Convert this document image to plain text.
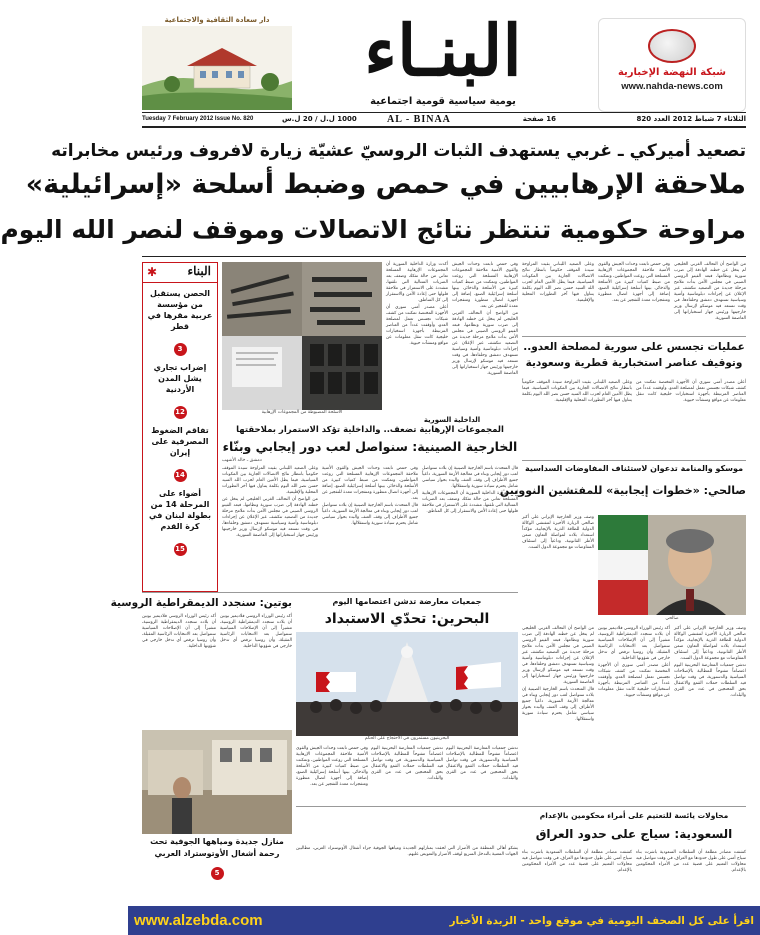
شبكة النهضة الإخبارية
www.nahda-news.com
البنـاء
يومية سياسية قومية اجتماعية
دار سعادة الثقافية والاجتماعية
الثلاثاء 7 شباط 2012 العدد 820
16 صفحة
AL - BINAA
1000 ل.ل / 20 ل.س
Tuesday 7 February 2012 Issue No. 820
تصعيد أميركي ـ غربي يستهدف الثبات الروسيّ عشيّة زيارة لافروف ورئيس مخابراته
ملاحقة الإرهابيين في حمص وضبط أسلحة «إسرائيلية»
مراوحة حكومية تنتظر نتائج الاتصالات وموقف لنصر الله اليوم

من الواضح أن التحالف الغربي الخليجي لم يتخل عن خطته الهادفة إلى ضرب سورية ونظامها، فبعد الفيتو الروسي الصيني في مجلس الأمن بدأت ملامح مرحلة جديدة من التصعيد تتكشف عبر الإعلان عن إجراءات دبلوماسية وأمنية وسياسية تستهدف دمشق وحلفاءها، في وقت تستعد فيه موسكو لإرسال وزير خارجيتها ورئيس جهاز استخباراتها إلى العاصمة السورية.

وفي حمص تابعت وحدات الجيش والقوى الأمنية ملاحقة المجموعات الإرهابية المسلحة التي روعت المواطنين، وتمكنت من ضبط كميات كبيرة من الأسلحة والذخائر، بينها أسلحة إسرائيلية الصنع، إضافة إلى أجهزة اتصال متطورة ومتفجرات معدة للتفجير عن بعد.

وعلى الصعيد اللبناني بقيت المراوحة سيدة الموقف حكومياً بانتظار نتائج الاتصالات الجارية بين المكونات السياسية، فيما يطل الأمين العام لحزب الله السيد حسن نصر الله اليوم بكلمة يتناول فيها آخر التطورات المحلية والإقليمية.

عمليات تجسس على سورية لمصلحة العدو..
وتوقيف عناصر استخبارية قطرية وسعودية

أعلن مصدر أمني سوري أن الأجهزة المختصة تمكنت من كشف شبكات تجسس تعمل لمصلحة العدو، وأوقفت عدداً من العناصر المرتبطة بأجهزة استخبارات خليجية كانت تنقل معلومات عن مواقع ومنشآت حيوية.

وعلى الصعيد اللبناني بقيت المراوحة سيدة الموقف حكومياً بانتظار نتائج الاتصالات الجارية بين المكونات السياسية، فيما يطل الأمين العام لحزب الله السيد حسن نصر الله اليوم بكلمة يتناول فيها آخر التطورات المحلية والإقليمية.

البناء
✱
الحصن يستقبل من مؤسسة عربية مقرها في قطر
3
إضراب تجاري يشل المدن الأردنية
12
تفاقم الضغوط المصرفية على إيران
14
أضواء على المرحلة 14 من بطولة لبنان في كرة القدم
15

وفي حمص تابعت وحدات الجيش والقوى الأمنية ملاحقة المجموعات الإرهابية المسلحة التي روعت المواطنين، وتمكنت من ضبط كميات كبيرة من الأسلحة والذخائر، بينها أسلحة إسرائيلية الصنع، إضافة إلى أجهزة اتصال متطورة ومتفجرات معدة للتفجير عن بعد.

من الواضح أن التحالف الغربي الخليجي لم يتخل عن خطته الهادفة إلى ضرب سورية ونظامها، فبعد الفيتو الروسي الصيني في مجلس الأمن بدأت ملامح مرحلة جديدة من التصعيد تتكشف عبر الإعلان عن إجراءات دبلوماسية وأمنية وسياسية تستهدف دمشق وحلفاءها، في وقت تستعد فيه موسكو لإرسال وزير خارجيتها ورئيس جهاز استخباراتها إلى العاصمة السورية.

أكدت وزارة الداخلية السورية أن المجموعات الإرهابية المسلحة تعاني من حالة تفكك وضعف بعد الضربات المتتالية التي تلقتها، مشددة على الاستمرار في ملاحقة فلولها حتى إعادة الأمن والاستقرار إلى كل المناطق.

أعلن مصدر أمني سوري أن الأجهزة المختصة تمكنت من كشف شبكات تجسس تعمل لمصلحة العدو، وأوقفت عدداً من العناصر المرتبطة بأجهزة استخبارات خليجية كانت تنقل معلومات عن مواقع ومنشآت حيوية.

الأسلحة المضبوطة من المجموعات الإرهابية
الداخلية السورية
المجموعات الإرهابية تضعف.. والداخلية تؤكد الاستمرار بملاحقتها
الخارجية الصينية: سنواصل لعب دور إيجابي وبنّاء
دمشق ـ خالد الأشهب

قال المتحدث باسم الخارجية الصينية إن بلاده ستواصل لعب دور إيجابي وبناء في معالجة الأزمة السورية، داعياً جميع الأطراف إلى وقف العنف والبدء بحوار سياسي شامل يحترم سيادة سورية واستقلالها.

أكدت وزارة الداخلية السورية أن المجموعات الإرهابية المسلحة تعاني من حالة تفكك وضعف بعد الضربات المتتالية التي تلقتها، مشددة على الاستمرار في ملاحقة فلولها حتى إعادة الأمن والاستقرار إلى كل المناطق.

وفي حمص تابعت وحدات الجيش والقوى الأمنية ملاحقة المجموعات الإرهابية المسلحة التي روعت المواطنين، وتمكنت من ضبط كميات كبيرة من الأسلحة والذخائر، بينها أسلحة إسرائيلية الصنع، إضافة إلى أجهزة اتصال متطورة ومتفجرات معدة للتفجير عن بعد.

قال المتحدث باسم الخارجية الصينية إن بلاده ستواصل لعب دور إيجابي وبناء في معالجة الأزمة السورية، داعياً جميع الأطراف إلى وقف العنف والبدء بحوار سياسي شامل يحترم سيادة سورية واستقلالها.

وعلى الصعيد اللبناني بقيت المراوحة سيدة الموقف حكومياً بانتظار نتائج الاتصالات الجارية بين المكونات السياسية، فيما يطل الأمين العام لحزب الله السيد حسن نصر الله اليوم بكلمة يتناول فيها آخر التطورات المحلية والإقليمية.

من الواضح أن التحالف الغربي الخليجي لم يتخل عن خطته الهادفة إلى ضرب سورية ونظامها، فبعد الفيتو الروسي الصيني في مجلس الأمن بدأت ملامح مرحلة جديدة من التصعيد تتكشف عبر الإعلان عن إجراءات دبلوماسية وأمنية وسياسية تستهدف دمشق وحلفاءها، في وقت تستعد فيه موسكو لإرسال وزير خارجيتها ورئيس جهاز استخباراتها إلى العاصمة السورية.

موسكو والمنامة تدعوان لاستئناف المفاوضات السداسية
صالحي: «خطوات إيجابية» للمفتشين النوويين
صالحي

وصف وزير الخارجية الإيراني علي أكبر صالحي الزيارة الأخيرة لمفتشي الوكالة الدولية للطاقة الذرية بالإيجابية، مؤكداً استعداد بلاده لمواصلة التعاون ضمن الأطر القانونية، وداعياً إلى استئناف المفاوضات مع مجموعة الدول الست.

وصف وزير الخارجية الإيراني علي أكبر صالحي الزيارة الأخيرة لمفتشي الوكالة الدولية للطاقة الذرية بالإيجابية، مؤكداً استعداد بلاده لمواصلة التعاون ضمن الأطر القانونية، وداعياً إلى استئناف المفاوضات مع مجموعة الدول الست.

تدشن جمعيات المعارضة البحرينية اليوم اعتصاماً مفتوحاً للمطالبة بالإصلاحات السياسية والدستورية، في وقت تواصل فيه السلطات حملات القمع والاعتقال بحق المحتجين في عدد من القرى والبلدات.

أكد رئيس الوزراء الروسي فلاديمير بوتين أن بلاده ستجدد الديمقراطية الروسية، مشيراً إلى أن الإصلاحات السياسية ستتواصل بعد الانتخابات الرئاسية المقبلة، وأن روسيا ترفض أي تدخل خارجي في شؤونها الداخلية.

أعلن مصدر أمني سوري أن الأجهزة المختصة تمكنت من كشف شبكات تجسس تعمل لمصلحة العدو، وأوقفت عدداً من العناصر المرتبطة بأجهزة استخبارات خليجية كانت تنقل معلومات عن مواقع ومنشآت حيوية.

من الواضح أن التحالف الغربي الخليجي لم يتخل عن خطته الهادفة إلى ضرب سورية ونظامها، فبعد الفيتو الروسي الصيني في مجلس الأمن بدأت ملامح مرحلة جديدة من التصعيد تتكشف عبر الإعلان عن إجراءات دبلوماسية وأمنية وسياسية تستهدف دمشق وحلفاءها، في وقت تستعد فيه موسكو لإرسال وزير خارجيتها ورئيس جهاز استخباراتها إلى العاصمة السورية.

قال المتحدث باسم الخارجية الصينية إن بلاده ستواصل لعب دور إيجابي وبناء في معالجة الأزمة السورية، داعياً جميع الأطراف إلى وقف العنف والبدء بحوار سياسي شامل يحترم سيادة سورية واستقلالها.

بوتين: سنجدد الديمقراطية الروسية

أكد رئيس الوزراء الروسي فلاديمير بوتين أن بلاده ستجدد الديمقراطية الروسية، مشيراً إلى أن الإصلاحات السياسية ستتواصل بعد الانتخابات الرئاسية المقبلة، وأن روسيا ترفض أي تدخل خارجي في شؤونها الداخلية.

أكد رئيس الوزراء الروسي فلاديمير بوتين أن بلاده ستجدد الديمقراطية الروسية، مشيراً إلى أن الإصلاحات السياسية ستتواصل بعد الانتخابات الرئاسية المقبلة، وأن روسيا ترفض أي تدخل خارجي في شؤونها الداخلية.

جمعيات معارضة تدشن اعتصامها اليوم
البحرين: تحدّي الاستبداد
البحرينيون مستمرون في الاحتجاج على الحكم

تدشن جمعيات المعارضة البحرينية اليوم اعتصاماً مفتوحاً للمطالبة بالإصلاحات السياسية والدستورية، في وقت تواصل فيه السلطات حملات القمع والاعتقال بحق المحتجين في عدد من القرى والبلدات.

تدشن جمعيات المعارضة البحرينية اليوم اعتصاماً مفتوحاً للمطالبة بالإصلاحات السياسية والدستورية، في وقت تواصل فيه السلطات حملات القمع والاعتقال بحق المحتجين في عدد من القرى والبلدات.

وفي حمص تابعت وحدات الجيش والقوى الأمنية ملاحقة المجموعات الإرهابية المسلحة التي روعت المواطنين، وتمكنت من ضبط كميات كبيرة من الأسلحة والذخائر، بينها أسلحة إسرائيلية الصنع، إضافة إلى أجهزة اتصال متطورة ومتفجرات معدة للتفجير عن بعد.

منازل جديدة ومياهها الجوفية تحت رحمة أشغال الأوتوستراد العربي
5
محاولات يائسة للتعتيم على أمراء محكومين بالإعدام
السعودية: سياج على حدود العراق

كشفت مصادر مطلعة أن السلطات السعودية باشرت بناء سياج أمني على طول حدودها مع العراق، في وقت تتواصل فيه محاولات التعتيم على قضية عدد من الأمراء المحكومين بالإعدام.

كشفت مصادر مطلعة أن السلطات السعودية باشرت بناء سياج أمني على طول حدودها مع العراق، في وقت تتواصل فيه محاولات التعتيم على قضية عدد من الأمراء المحكومين بالإعدام.

يشكو أهالي المنطقة من الأضرار التي لحقت بمنازلهم الجديدة ومياهها الجوفية جراء أشغال الأوتوستراد العربي، مطالبين الجهات المعنية بالتدخل السريع لوقف الأضرار والتعويض عليهم.

www.alzebda.com	اقرأ على كل الصحف اليومية في موقع واحد - الزبدة الأخبار
